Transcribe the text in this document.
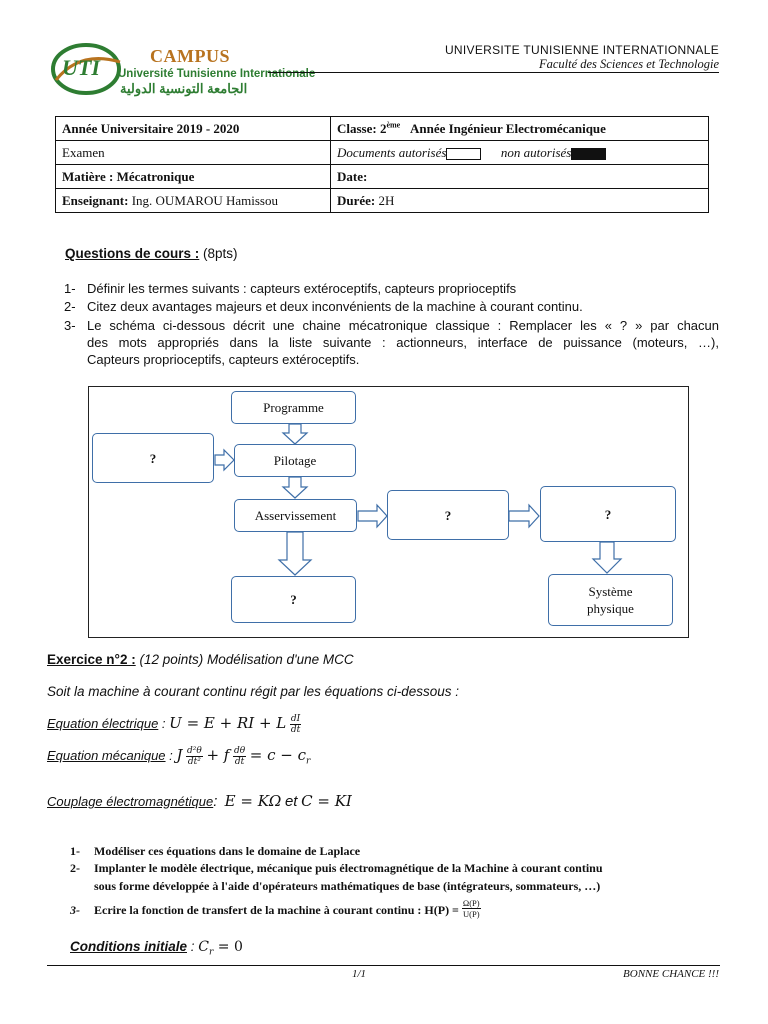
UTI	CAMPUS
Université Tunisienne Internationale
الجامعة التونسية الدولية
UNIVERSITE TUNISIENNE INTERNATIONNALE
Faculté des Sciences et Technologie
Année Universitaire 2019 - 2020	Classe: 2ème Année Ingénieur Electromécanique
Examen	Documents autorisés non autorisés
Matière : Mécatronique	Date:
Enseignant: Ing. OUMAROU Hamissou	Durée: 2H
Questions de cours : (8pts)
1- Définir les termes suivants : capteurs extéroceptifs, capteurs proprioceptifs
2- Citez deux avantages majeurs et deux inconvénients de la machine à courant continu.
3- Le schéma ci-dessous décrit une chaine mécatronique classique : Remplacer les « ? » par chacun
des mots appropriés dans la liste suivante : actionneurs, interface de puissance (moteurs, …),
Capteurs proprioceptifs, capteurs extéroceptifs.
Programme
?	Pilotage
Asservissement	?	?
?
Système
physique
Exercice n°2 : (12 points) Modélisation d'une MCC
Soit la machine à courant continu régit par les équations ci-dessous :
Equation électrique : U = E + RI + L $\frac{dI}{dt}$
Equation mécanique : J $\frac{\text{d²θ}}{\text{dt²}} + f \frac{d\theta}{dt} = c - c_r$
Couplage électromagnétique: E = KΩ et C = KI
1- Modéliser ces équations dans le domaine de Laplace
2- Implanter le modèle électrique, mécanique puis électromagnétique de la Machine à courant continu
sous forme développée à l'aide d'opérateurs mathématiques de base (intégrateurs, sommateurs, …)
3- Ecrire la fonction de transfert de la machine à courant continu : $H(P) = \frac{\Omega(P)}{U(P)}$
Conditions initiale : $C_r = 0$
1/1	BONNE CHANCE !!!
